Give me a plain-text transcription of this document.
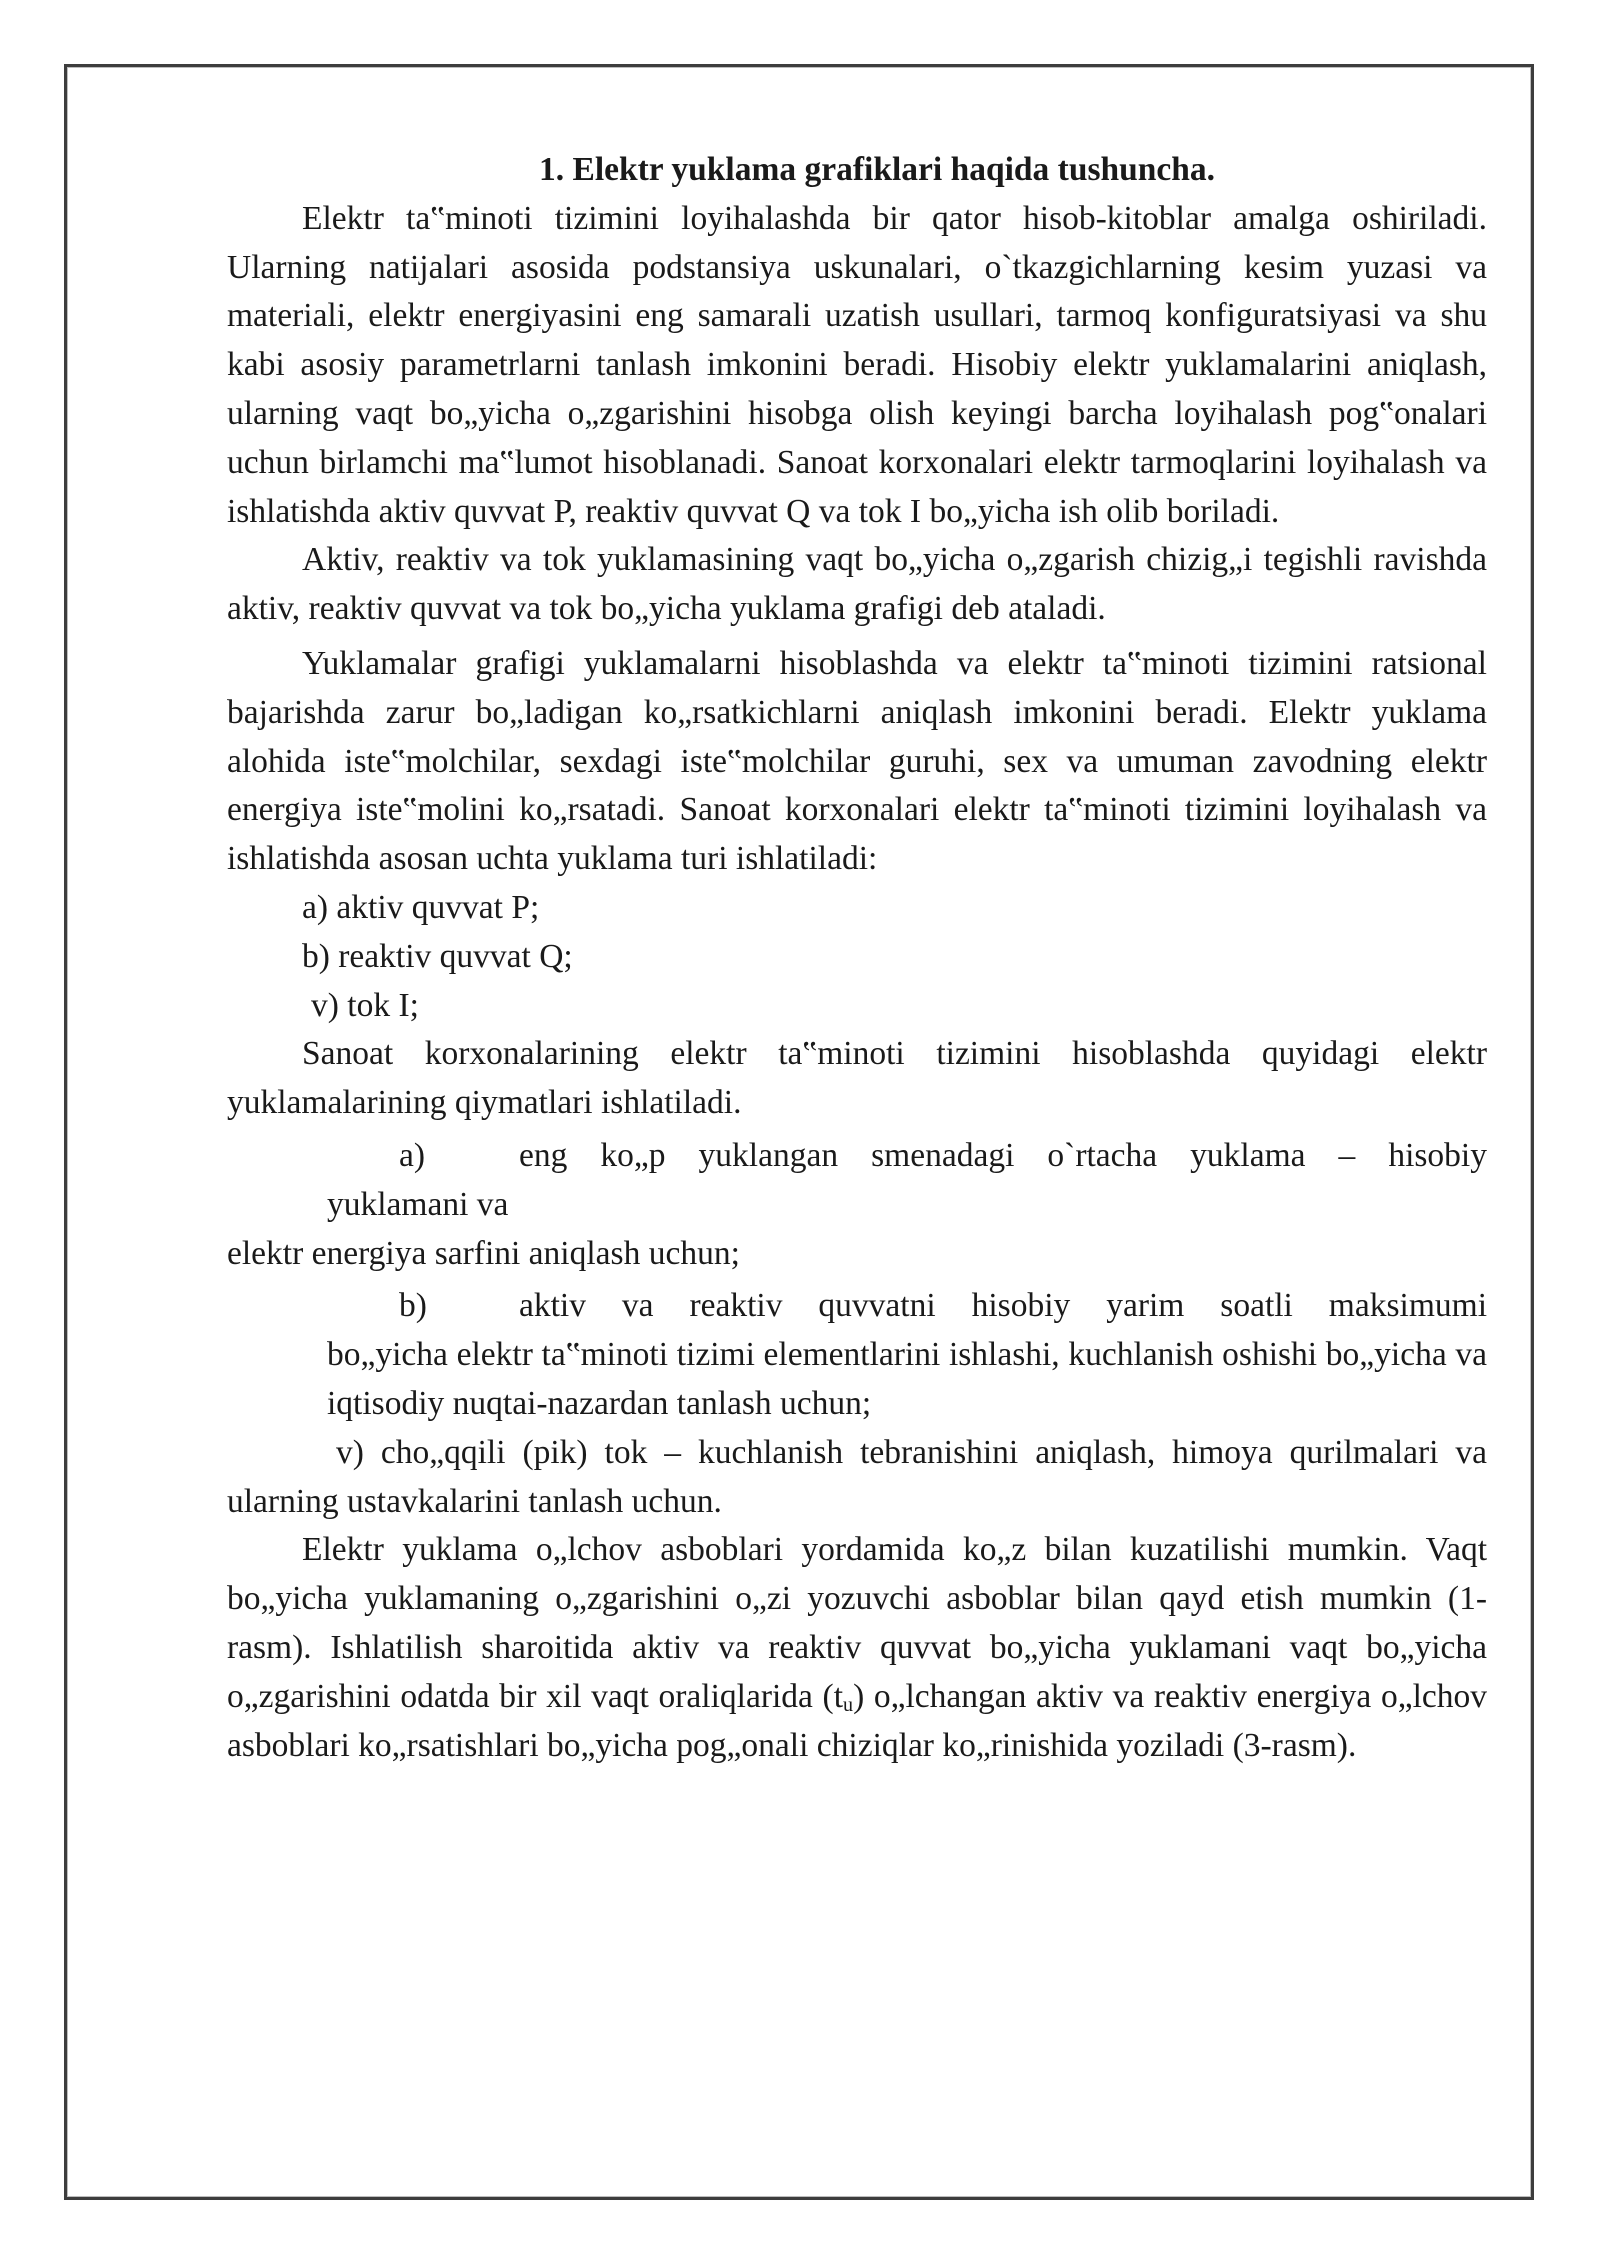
1. Elektr yuklama grafiklari haqida tushuncha.

Elektr ta‟minoti tizimini loyihalashda bir qator hisob-kitoblar amalga oshiriladi. Ularning natijalari asosida podstansiya uskunalari, o`tkazgichlarning kesim yuzasi va materiali, elektr energiyasini eng samarali uzatish usullari, tarmoq konfiguratsiyasi va shu kabi asosiy parametrlarni tanlash imkonini beradi. Hisobiy elektr yuklamalarini aniqlash, ularning vaqt bo„yicha o„zgarishini hisobga olish keyingi barcha loyihalash pog‟onalari uchun birlamchi ma‟lumot hisoblanadi. Sanoat korxonalari elektr tarmoqlarini loyihalash va ishlatishda aktiv quvvat P, reaktiv quvvat Q va tok I bo„yicha ish olib boriladi.

Aktiv, reaktiv va tok yuklamasining vaqt bo„yicha o„zgarish chizig„i tegishli ravishda aktiv, reaktiv quvvat va tok bo„yicha yuklama grafigi deb ataladi.

Yuklamalar grafigi yuklamalarni hisoblashda va elektr ta‟minoti tizimini ratsional bajarishda zarur bo„ladigan ko„rsatkichlarni aniqlash imkonini beradi. Elektr yuklama alohida iste‟molchilar, sexdagi iste‟molchilar guruhi, sex va umuman zavodning elektr energiya iste‟molini ko„rsatadi. Sanoat korxonalari elektr ta‟minoti tizimini loyihalash va ishlatishda asosan uchta yuklama turi ishlatiladi:

a) aktiv quvvat P;

b) reaktiv quvvat Q;

v) tok I;

Sanoat korxonalarining elektr ta‟minoti tizimini hisoblashda quyidagi elektr yuklamalarining qiymatlari ishlatiladi.

a)	eng ko„p yuklangan smenadagi o`rtacha yuklama – hisobiy
yuklamani va

elektr energiya sarfini aniqlash uchun;

b)	aktiv va reaktiv quvvatni hisobiy yarim soatli maksimumi
bo„yicha elektr ta‟minoti tizimi elementlarini ishlashi, kuchlanish oshishi bo„yicha va iqtisodiy nuqtai-nazardan tanlash uchun;

v) cho„qqili (pik) tok – kuchlanish tebranishini aniqlash, himoya qurilmalari va ularning ustavkalarini tanlash uchun.

Elektr yuklama o„lchov asboblari yordamida ko„z bilan kuzatilishi mumkin. Vaqt bo„yicha yuklamaning o„zgarishini o„zi yozuvchi asboblar bilan qayd etish mumkin (1-rasm). Ishlatilish sharoitida aktiv va reaktiv quvvat bo„yicha yuklamani vaqt bo„yicha o„zgarishini odatda bir xil vaqt oraliqlarida $(t_u)$ o„lchangan aktiv va reaktiv energiya o„lchov asboblari ko„rsatishlari bo„yicha pog„onali chiziqlar ko„rinishida yoziladi (3-rasm).
